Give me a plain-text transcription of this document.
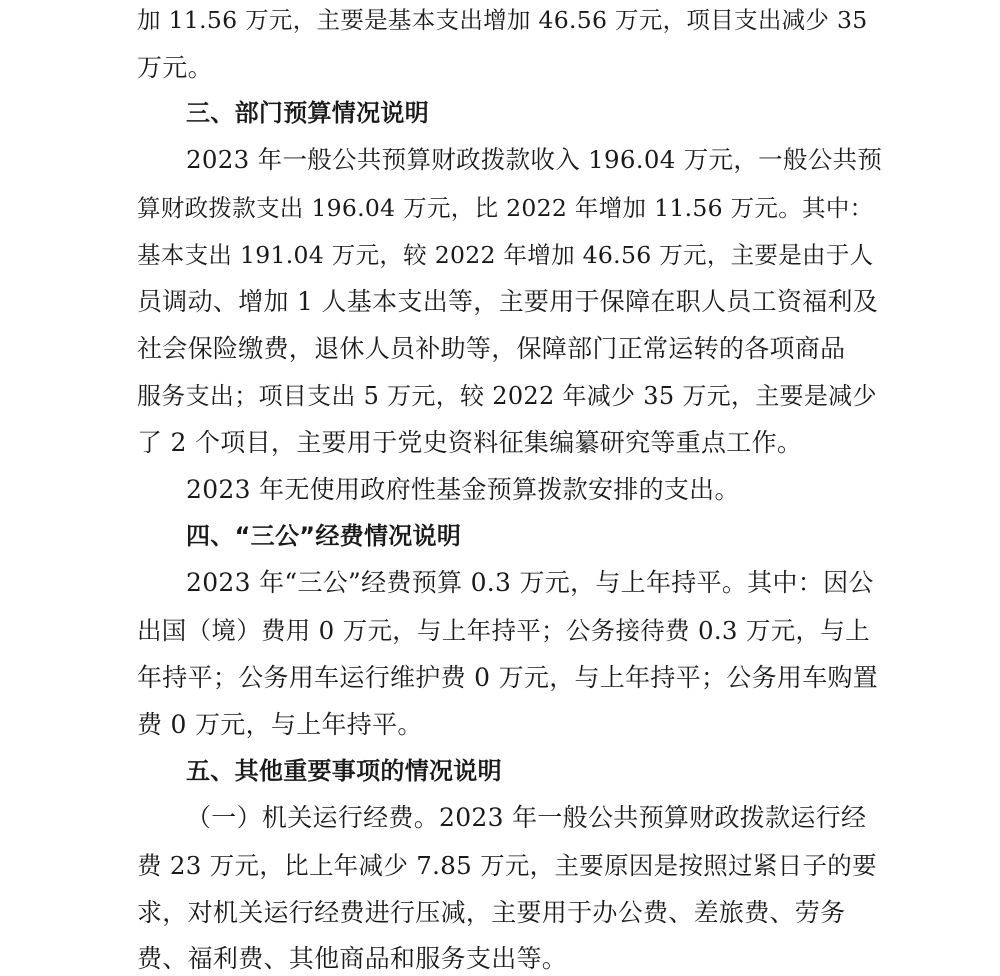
加 11.56 万元，主要是基本支出增加 46.56 万元，项目支出减少 35
万元。
三、部门预算情况说明
2023 年一般公共预算财政拨款收入 196.04 万元，一般公共预
算财政拨款支出 196.04 万元，比 2022 年增加 11.56 万元。其中：
基本支出 191.04 万元，较 2022 年增加 46.56 万元，主要是由于人
员调动、增加 1 人基本支出等，主要用于保障在职人员工资福利及
社会保险缴费，退休人员补助等，保障部门正常运转的各项商品
服务支出；项目支出 5 万元，较 2022 年减少 35 万元，主要是减少
了 2 个项目，主要用于党史资料征集编纂研究等重点工作。
2023 年无使用政府性基金预算拨款安排的支出。
四、“三公”经费情况说明
2023 年“三公”经费预算 0.3 万元，与上年持平。其中：因公
出国（境）费用 0 万元，与上年持平；公务接待费 0.3 万元，与上
年持平；公务用车运行维护费 0 万元，与上年持平；公务用车购置
费 0 万元，与上年持平。
五、其他重要事项的情况说明
（一）机关运行经费。2023 年一般公共预算财政拨款运行经
费 23 万元，比上年减少 7.85 万元，主要原因是按照过紧日子的要
求，对机关运行经费进行压减，主要用于办公费、差旅费、劳务
费、福利费、其他商品和服务支出等。
